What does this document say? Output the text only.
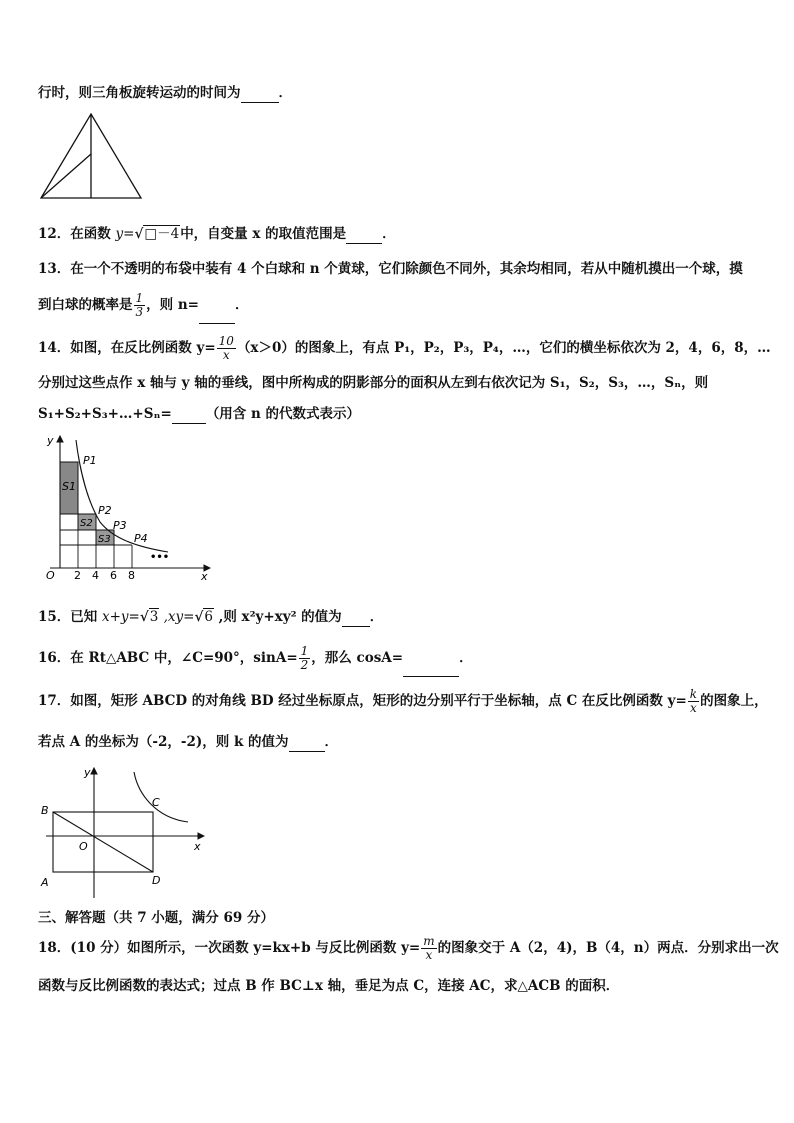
行时，则三角板旋转运动的时间为	．
12．在函数 y=√□－4中，自变量 x 的取值范围是	．
13．在一个不透明的布袋中装有 4 个白球和 n 个黄球，它们除颜色不同外，其余均相同，若从中随机摸出一个球，摸
到白球的概率是 $\frac{1}{3}$ ，则 n=	．
14．如图，在反比例函数 $y= \frac{10}{x} (x>0)$的图象上，有点 P₁，P₂，P₃，P₄，…，它们的横坐标依次为 2，4，6，8，…
分别过这些点作 x 轴与 y 轴的垂线，图中所构成的阴影部分的面积从左到右依次记为 S₁，S₂，S₃，…，Sₙ，则
S₁+S₂+S₃+…+Sₙ=	（用含 n 的代数式表示）
y
x
O 2 4 6 8
P1
P2
P3
P4
S1
S2
S3
•••
15．已知 x+y=√3 ,xy=√6 ,则 x²y+xy² 的值为 ．
16．在 Rt△ABC 中，∠C=90°，$\sin A= \frac{1}{2}$ ，那么 cosA=	．
17．如图，矩形 ABCD 的对角线 BD 经过坐标原点，矩形的边分别平行于坐标轴，点 C 在反比例函数 $y= \frac{k}{x}$ 的图象上，
若点 A 的坐标为（-2，-2)，则 k 的值为	．
y
x
O
A
B
C
D
三、解答题（共 7 小题，满分 69 分）
18．(10 分）如图所示，一次函数 y=kx+b 与反比例函数 $y= \frac{m}{x}$ 的图象交于 A（2，4)，B（4，n）两点．分别求出一次
函数与反比例函数的表达式；过点 B 作 BC⊥x 轴，垂足为点 C，连接 AC，求△ACB 的面积．
